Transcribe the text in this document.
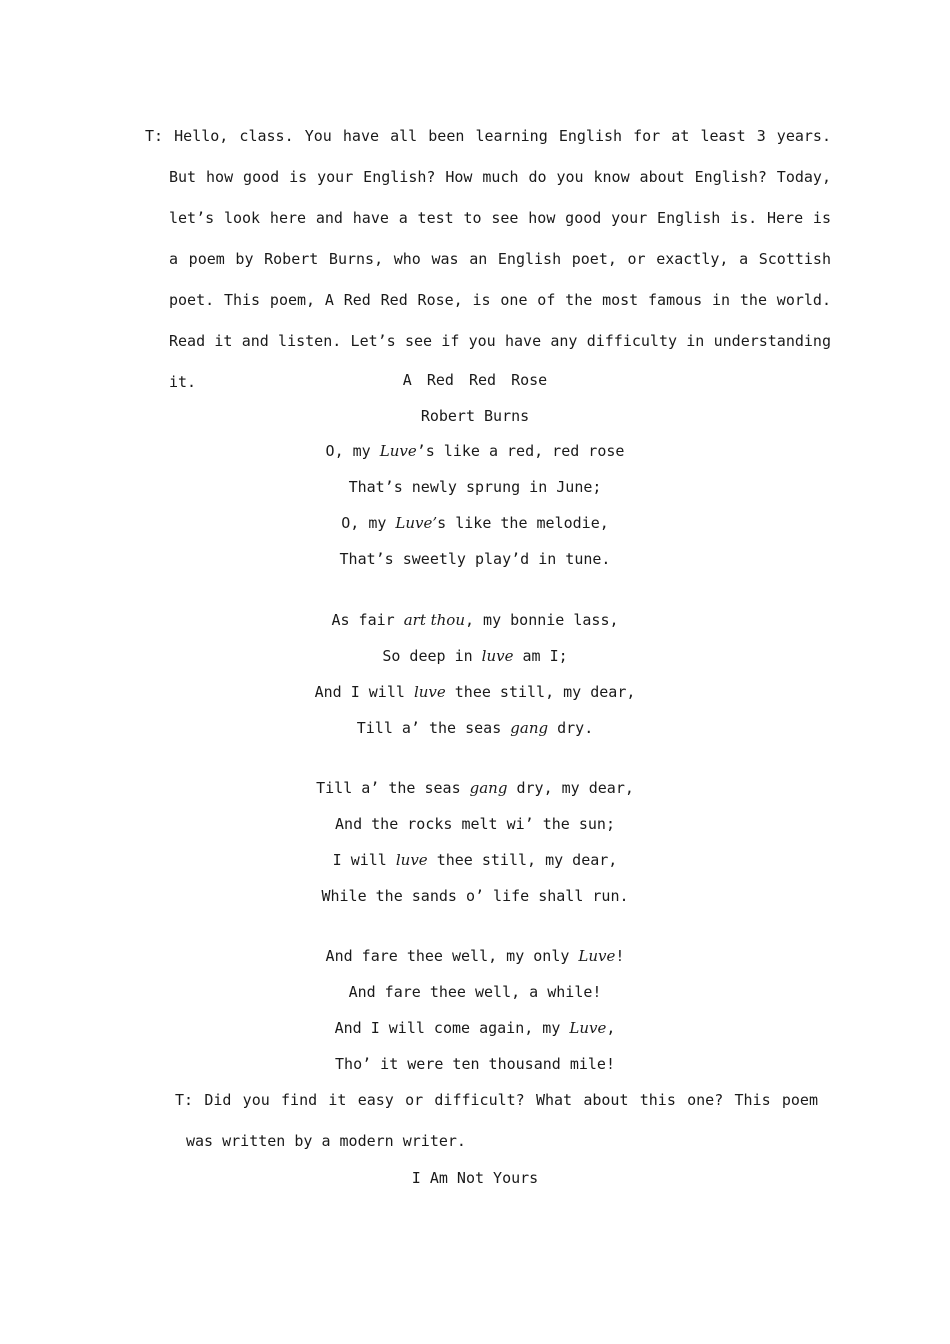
T: Hello, class. You have all been learning English for at least 3 years. But how good is your English? How much do you know about English? Today, let’s look here and have a test to see how good your English is. Here is a poem by Robert Burns, who was an English poet, or exactly, a Scottish poet. This poem, A Red Red Rose, is one of the most famous in the world. Read it and listen. Let’s see if you have any difficulty in understanding it.	A Red Red Rose
Robert Burns
O, my Luve’s like a red, red rose
That’s newly sprung in June;
O, my Luve’s like the melodie,
That’s sweetly play’d in tune.
As fair art thou, my bonnie lass,
So deep in luve am I;
And I will luve thee still, my dear,
Till a’ the seas gang dry.
Till a’ the seas gang dry, my dear,
And the rocks melt wi’ the sun;
I will luve thee still, my dear,
While the sands o’ life shall run.
And fare thee well, my only Luve!
And fare thee well, a while!
And I will come again, my Luve,
Tho’ it were ten thousand mile!
T: Did you find it easy or difficult? What about this one? This poem was written by a modern writer.
I Am Not Yours
